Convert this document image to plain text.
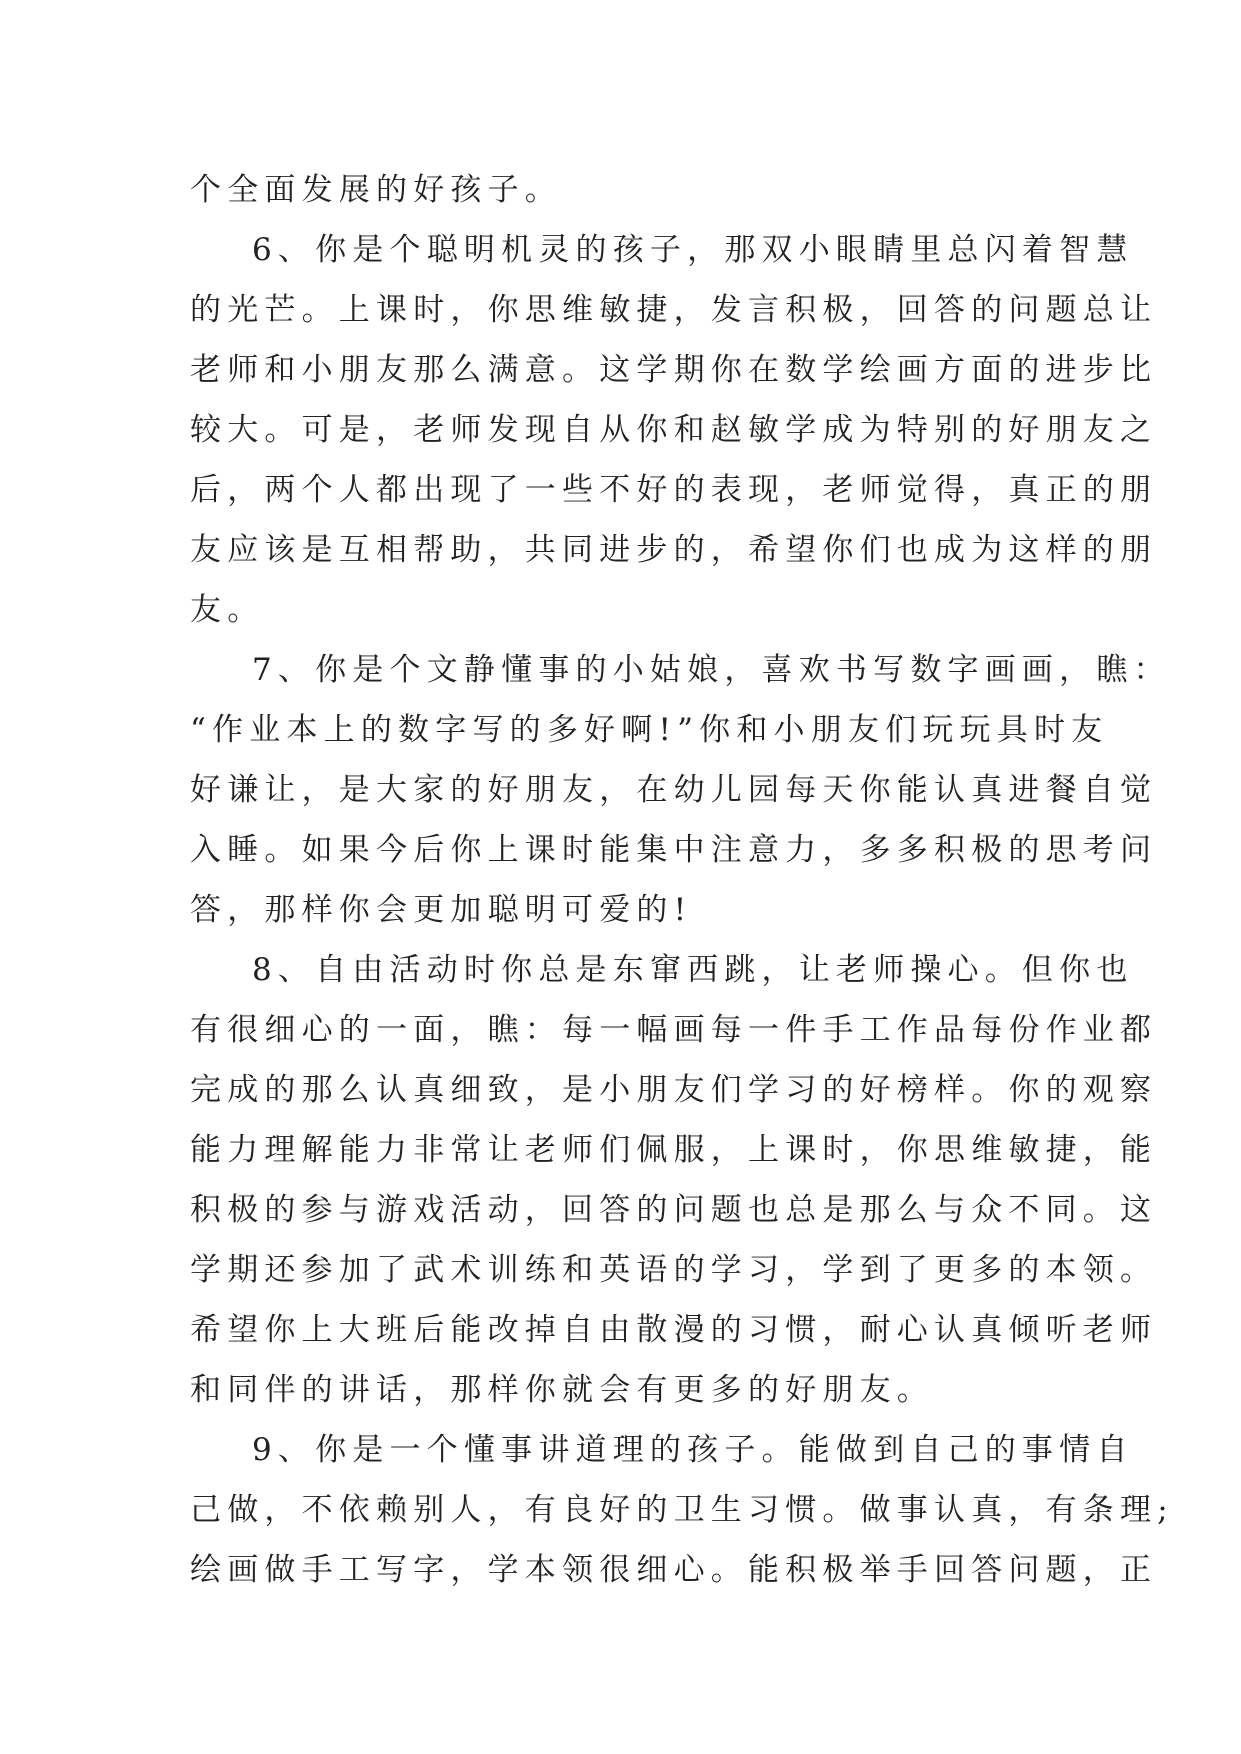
个全面发展的好孩子。
6、你是个聪明机灵的孩子，那双小眼睛里总闪着智慧
的光芒。上课时，你思维敏捷，发言积极，回答的问题总让
老师和小朋友那么满意。这学期你在数学绘画方面的进步比
较大。可是，老师发现自从你和赵敏学成为特别的好朋友之
后，两个人都出现了一些不好的表现，老师觉得，真正的朋
友应该是互相帮助，共同进步的，希望你们也成为这样的朋
友。
7、你是个文静懂事的小姑娘，喜欢书写数字画画，瞧：
“作业本上的数字写的多好啊!”你和小朋友们玩玩具时友
好谦让，是大家的好朋友，在幼儿园每天你能认真进餐自觉
入睡。如果今后你上课时能集中注意力，多多积极的思考问
答，那样你会更加聪明可爱的!
8、自由活动时你总是东窜西跳，让老师操心。但你也
有很细心的一面，瞧：每一幅画每一件手工作品每份作业都
完成的那么认真细致，是小朋友们学习的好榜样。你的观察
能力理解能力非常让老师们佩服，上课时，你思维敏捷，能
积极的参与游戏活动，回答的问题也总是那么与众不同。这
学期还参加了武术训练和英语的学习，学到了更多的本领。
希望你上大班后能改掉自由散漫的习惯，耐心认真倾听老师
和同伴的讲话，那样你就会有更多的好朋友。
9、你是一个懂事讲道理的孩子。能做到自己的事情自
己做，不依赖别人，有良好的卫生习惯。做事认真，有条理;
绘画做手工写字，学本领很细心。能积极举手回答问题，正
